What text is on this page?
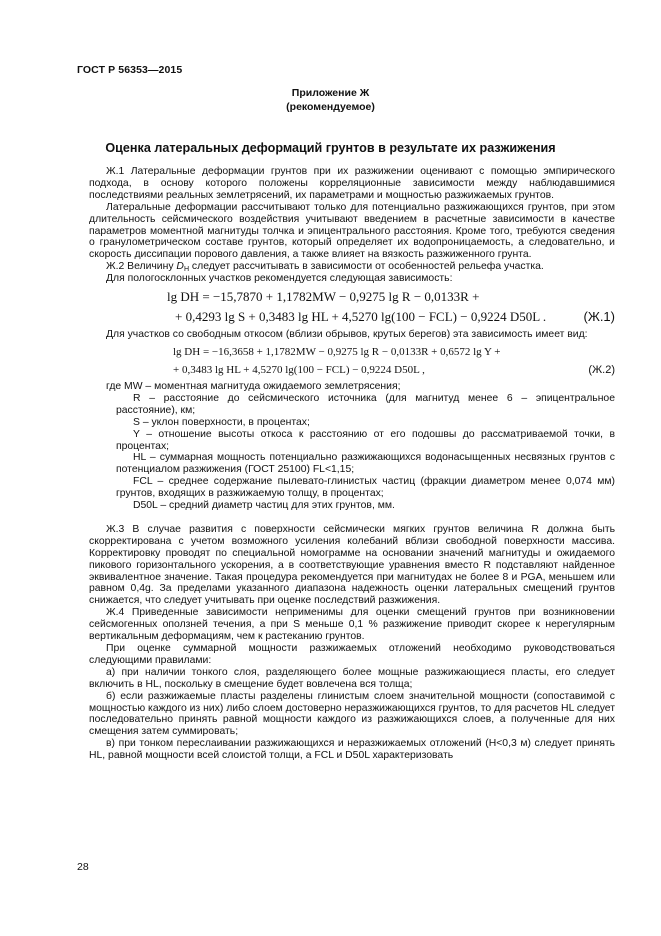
ГОСТ Р 56353—2015
Приложение Ж
(рекомендуемое)
Оценка латеральных деформаций грунтов в результате их разжижения

Ж.1 Латеральные деформации грунтов при их разжижении оценивают с помощью эмпирического подхода, в основу которого положены корреляционные зависимости между наблюдавшимися последствиями реальных землетрясений, их параметрами и мощностью разжижаемых грунтов.

Латеральные деформации рассчитывают только для потенциально разжижающихся грунтов, при этом длительность сейсмического воздействия учитывают введением в расчетные зависимости в качестве параметров моментной магнитуды толчка и эпицентрального расстояния. Кроме того, требуются сведения о гранулометрическом составе грунтов, который определяет их водопроницаемость, а следовательно, и скорость диссипации порового давления, а также влияет на вязкость разжиженного грунта.

Ж.2 Величину $D_H$ следует рассчитывать в зависимости от особенностей рельефа участка.

Для пологосклонных участков рекомендуется следующая зависимость:

lg DH = −15,7870 + 1,1782MW − 0,9275 lg R − 0,0133R +
+ 0,4293 lg S + 0,3483 lg HL + 4,5270 lg(100 − FCL) − 0,9224 D50L .	(Ж.1)

Для участков со свободным откосом (вблизи обрывов, крутых берегов) эта зависимость имеет вид:

lg DH = −16,3658 + 1,1782MW − 0,9275 lg R − 0,0133R + 0,6572 lg Y +
+ 0,3483 lg HL + 4,5270 lg(100 − FCL) − 0,9224 D50L ,	(Ж.2)

где MW – моментная магнитуда ожидаемого землетрясения;

R – расстояние до сейсмического источника (для магнитуд менее 6 – эпицентральное расстояние), км;

S – уклон поверхности, в процентах;

Y – отношение высоты откоса к расстоянию от его подошвы до рассматриваемой точки, в процентах;

HL – суммарная мощность потенциально разжижающихся водонасыщенных несвязных грунтов с потенциалом разжижения (ГОСТ 25100) FL<1,15;

FCL – среднее содержание пылевато-глинистых частиц (фракции диаметром менее 0,074 мм) грунтов, входящих в разжижаемую толщу, в процентах;

D50L – средний диаметр частиц для этих грунтов, мм.

Ж.3 В случае развития с поверхности сейсмически мягких грунтов величина R должна быть скорректирована с учетом возможного усиления колебаний вблизи свободной поверхности массива. Корректировку проводят по специальной номограмме на основании значений магнитуды и ожидаемого пикового горизонтального ускорения, а в соответствующие уравнения вместо R подставляют найденное эквивалентное значение. Такая процедура рекомендуется при магнитудах не более 8 и PGA, меньшем или равном 0,4g. За пределами указанного диапазона надежность оценки латеральных смещений грунтов снижается, что следует учитывать при оценке последствий разжижения.

Ж.4 Приведенные зависимости неприменимы для оценки смещений грунтов при возникновении сейсмогенных оползней течения, а при S меньше 0,1 % разжижение приводит скорее к нерегулярным вертикальным деформациям, чем к растеканию грунтов.

При оценке суммарной мощности разжижаемых отложений необходимо руководствоваться следующими правилами:

а) при наличии тонкого слоя, разделяющего более мощные разжижающиеся пласты, его следует включить в HL, поскольку в смещение будет вовлечена вся толща;

б) если разжижаемые пласты разделены глинистым слоем значительной мощности (сопоставимой с мощностью каждого из них) либо слоем достоверно неразжижающихся грунтов, то для расчетов HL следует последовательно принять равной мощности каждого из разжижающихся слоев, а полученные для них смещения затем суммировать;

в) при тонком переслаивании разжижающихся и неразжижаемых отложений (H<0,3 м) следует принять HL, равной мощности всей слоистой толщи, а FCL и D50L характеризовать

28
